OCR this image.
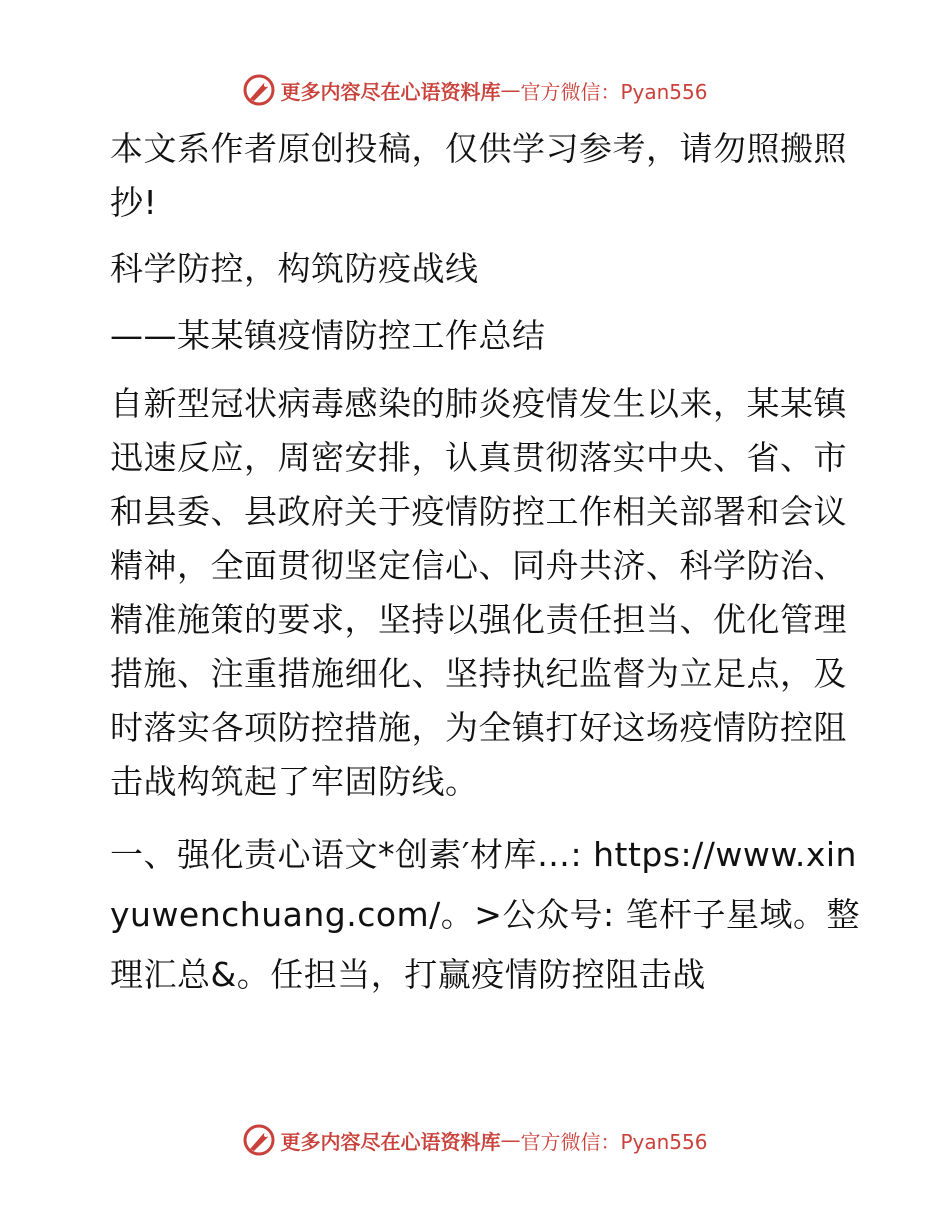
更多内容尽在心语资料库 — 官方微信：Pyan556

本文系作者原创投稿，仅供学习参考，请勿照搬照抄!

科学防控，构筑防疫战线

——某某镇疫情防控工作总结

自新型冠状病毒感染的肺炎疫情发生以来，某某镇迅速反应，周密安排，认真贯彻落实中央、省、市和县委、县政府关于疫情防控工作相关部署和会议精神，全面贯彻坚定信心、同舟共济、科学防治、精准施策的要求，坚持以强化责任担当、优化管理措施、注重措施细化、坚持执纪监督为立足点，及时落实各项防控措施，为全镇打好这场疫情防控阻击战构筑起了牢固防线。

一、强化责心语文*创素′材库…: https://www.xinyuwenchuang.com/。>公众号: 笔杆子星域。整理汇总&。任担当，打赢疫情防控阻击战

更多内容尽在心语资料库 — 官方微信：Pyan556
